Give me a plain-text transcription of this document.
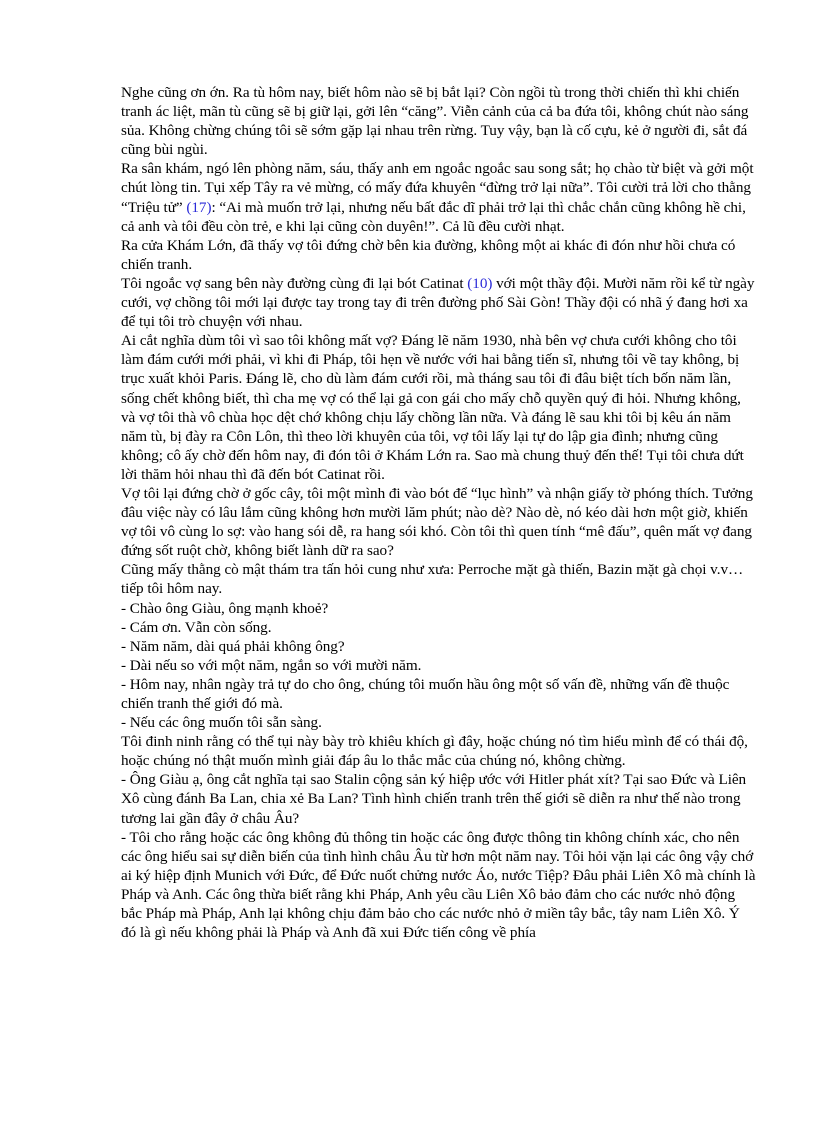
Nghe cũng ơn ớn. Ra tù hôm nay, biết hôm nào sẽ bị bắt lại? Còn ngồi tù trong thời chiến thì khi chiến tranh ác liệt, mãn tù cũng sẽ bị giữ lại, gởi lên “căng”. Viễn cảnh của cả ba đứa tôi, không chút nào sáng sủa. Không chừng chúng tôi sẽ sớm gặp lại nhau trên rừng. Tuy vậy, bạn là cố cựu, kẻ ở người đi, sắt đá cũng bùi ngùi.

Ra sân khám, ngó lên phòng năm, sáu, thấy anh em ngoắc ngoắc sau song sắt; họ chào từ biệt và gởi một chút lòng tin. Tụi xếp Tây ra vẻ mừng, có mấy đứa khuyên “đừng trở lại nữa”. Tôi cười trả lời cho thằng “Triệu tử” (17): “Ai mà muốn trở lại, nhưng nếu bất đắc dĩ phải trở lại thì chắc chắn cũng không hề chi, cả anh và tôi đều còn trẻ, e khi lại cũng còn duyên!”. Cả lũ đều cười nhạt.

Ra cửa Khám Lớn, đã thấy vợ tôi đứng chờ bên kia đường, không một ai khác đi đón như hồi chưa có chiến tranh.

Tôi ngoắc vợ sang bên này đường cùng đi lại bót Catinat (10) với một thầy đội. Mười năm rồi kể từ ngày cưới, vợ chồng tôi mới lại được tay trong tay đi trên đường phố Sài Gòn! Thầy đội có nhã ý đang hơi xa để tụi tôi trò chuyện với nhau.

Ai cắt nghĩa dùm tôi vì sao tôi không mất vợ? Đáng lẽ năm 1930, nhà bên vợ chưa cưới không cho tôi làm đám cưới mới phải, vì khi đi Pháp, tôi hẹn về nước với hai bằng tiến sĩ, nhưng tôi về tay không, bị trục xuất khỏi Paris. Đáng lẽ, cho dù làm đám cưới rồi, mà tháng sau tôi đi đâu biệt tích bốn năm lần, sống chết không biết, thì cha mẹ vợ có thể lại gả con gái cho mấy chỗ quyền quý đi hỏi. Nhưng không, và vợ tôi thà vô chùa học dệt chớ không chịu lấy chồng lần nữa. Và đáng lẽ sau khi tôi bị kêu án năm năm tù, bị đày ra Côn Lôn, thì theo lời khuyên của tôi, vợ tôi lấy lại tự do lập gia đình; nhưng cũng không; cô ấy chờ đến hôm nay, đi đón tôi ở Khám Lớn ra. Sao mà chung thuỷ đến thế! Tụi tôi chưa dứt lời thăm hỏi nhau thì đã đến bót Catinat rồi.

Vợ tôi lại đứng chờ ở gốc cây, tôi một mình đi vào bót để “lục hình” và nhận giấy tờ phóng thích. Tưởng đâu việc này có lâu lắm cũng không hơn mười lăm phút; nào dè? Nào dè, nó kéo dài hơn một giờ, khiến vợ tôi vô cùng lo sợ: vào hang sói dễ, ra hang sói khó. Còn tôi thì quen tính “mê đấu”, quên mất vợ đang đứng sốt ruột chờ, không biết lành dữ ra sao?

Cũng mấy thằng cò mật thám tra tấn hỏi cung như xưa: Perroche mặt gà thiến, Bazin mặt gà chọi v.v… tiếp tôi hôm nay.

- Chào ông Giàu, ông mạnh khoẻ?

- Cám ơn. Vẫn còn sống.

- Năm năm, dài quá phải không ông?

- Dài nếu so với một năm, ngắn so với mười năm.

- Hôm nay, nhân ngày trả tự do cho ông, chúng tôi muốn hầu ông một số vấn đề, những vấn đề thuộc chiến tranh thế giới đó mà.

- Nếu các ông muốn tôi sẵn sàng.

Tôi đinh ninh rằng có thể tụi này bày trò khiêu khích gì đây, hoặc chúng nó tìm hiểu mình để có thái độ, hoặc chúng nó thật muốn mình giải đáp âu lo thắc mắc của chúng nó, không chừng.

- Ông Giàu ạ, ông cắt nghĩa tại sao Stalin cộng sản ký hiệp ước với Hitler phát xít? Tại sao Đức và Liên Xô cùng đánh Ba Lan, chia xẻ Ba Lan? Tình hình chiến tranh trên thế giới sẽ diễn ra như thế nào trong tương lai gần đây ở châu Âu?

- Tôi cho rằng hoặc các ông không đủ thông tin hoặc các ông được thông tin không chính xác, cho nên các ông hiểu sai sự diễn biến của tình hình châu Âu từ hơn một năm nay. Tôi hỏi vặn lại các ông vậy chớ ai ký hiệp định Munich với Đức, để Đức nuốt chửng nước Áo, nước Tiệp? Đâu phải Liên Xô mà chính là Pháp và Anh. Các ông thừa biết rằng khi Pháp, Anh yêu cầu Liên Xô bảo đảm cho các nước nhỏ động bắc Pháp mà Pháp, Anh lại không chịu đảm bảo cho các nước nhỏ ở miền tây bắc, tây nam Liên Xô. Ý đó là gì nếu không phải là Pháp và Anh đã xui Đức tiến công về phía
